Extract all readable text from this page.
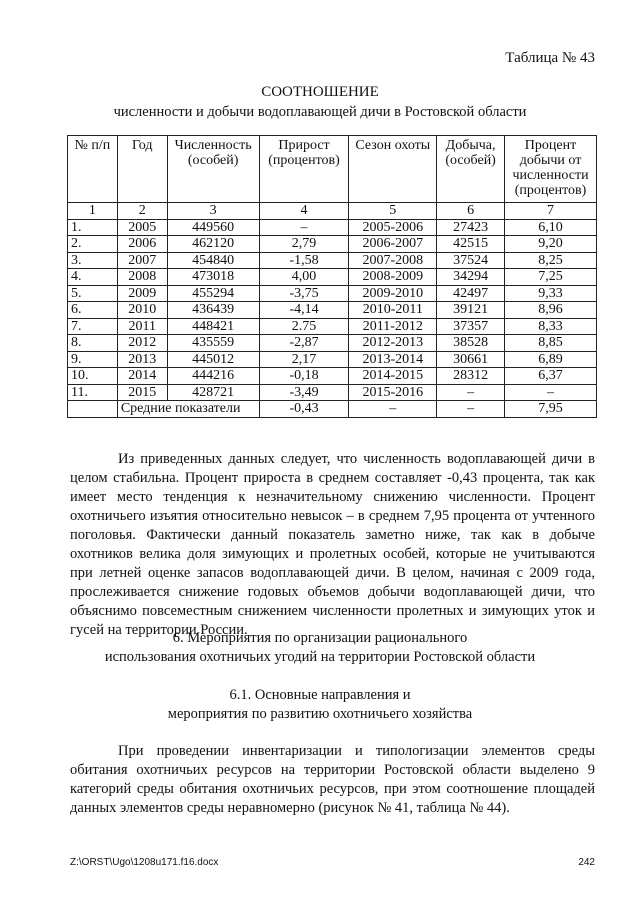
Таблица № 43
СООТНОШЕНИЕ
численности и добычи водоплавающей дичи в Ростовской области
№ п/п	Год	Численность (особей)	Прирост (процентов)	Сезон охоты	Добыча, (особей)	Процент добычи от численности (процентов)
1	2	3	4	5	6	7
1.	2005	449560	–	2005-2006	27423	6,10
2.	2006	462120	2,79	2006-2007	42515	9,20
3.	2007	454840	-1,58	2007-2008	37524	8,25
4.	2008	473018	4,00	2008-2009	34294	7,25
5.	2009	455294	-3,75	2009-2010	42497	9,33
6.	2010	436439	-4,14	2010-2011	39121	8,96
7.	2011	448421	2.75	2011-2012	37357	8,33
8.	2012	435559	-2,87	2012-2013	38528	8,85
9.	2013	445012	2,17	2013-2014	30661	6,89
10.	2014	444216	-0,18	2014-2015	28312	6,37
11.	2015	428721	-3,49	2015-2016	–	–
	Средние показатели		-0,43	–	–	7,95
Из приведенных данных следует, что численность водоплавающей дичи в целом стабильна. Процент прироста в среднем составляет -0,43 процента, так как имеет место тенденция к незначительному снижению численности. Процент охотничьего изъятия относительно невысок – в среднем 7,95 процента от учтенного поголовья. Фактически данный показатель заметно ниже, так как в добыче охотников велика доля зимующих и пролетных особей, которые не учитываются при летней оценке запасов водоплавающей дичи. В целом, начиная с 2009 года, прослеживается снижение годовых объемов добычи водоплавающей дичи, что объяснимо повсеместным снижением численности пролетных и зимующих уток и гусей на территории России.
6. Мероприятия по организации рационального
использования охотничьих угодий на территории Ростовской области
6.1. Основные направления и
мероприятия по развитию охотничьего хозяйства
При проведении инвентаризации и типологизации элементов среды обитания охотничьих ресурсов на территории Ростовской области выделено 9 категорий среды обитания охотничьих ресурсов, при этом соотношение площадей данных элементов среды неравномерно (рисунок № 41, таблица № 44).
Z:\ORST\Ugo\1208u171.f16.docx	242
